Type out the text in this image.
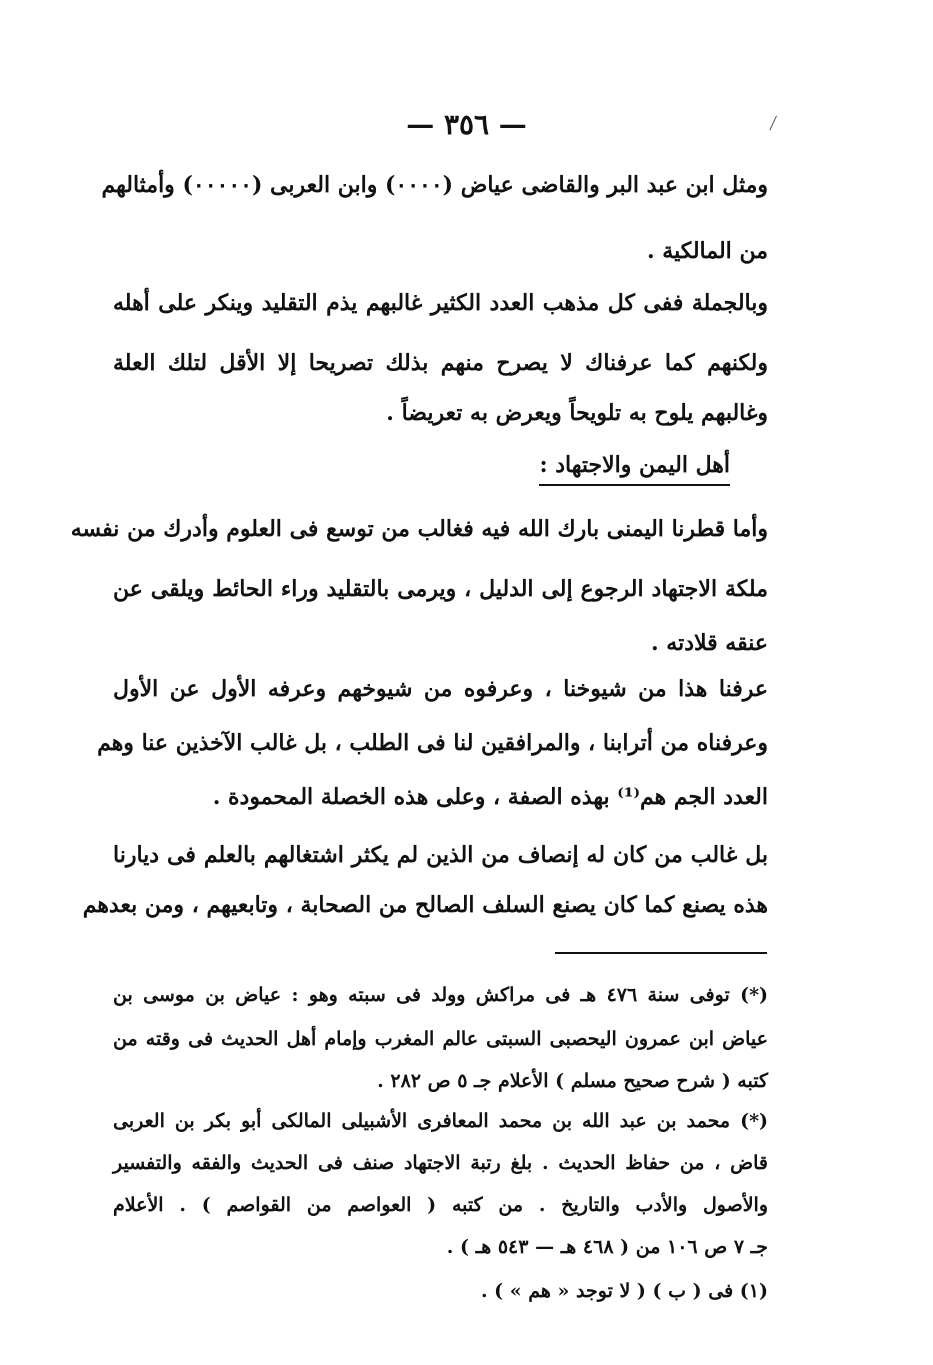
— ٣٥٦ —
ومثل ابن عبد البر والقاضى عياض (٠٠٠٠) وابن العربى (٠٠٠٠٠) وأمثالهم
من المالكية .
وبالجملة ففى كل مذهب العدد الكثير غالبهم يذم التقليد وينكر على أهله
ولكنهم كما عرفناك لا يصرح منهم بذلك تصريحا إلا الأقل لتلك العلة
وغالبهم يلوح به تلويحاً ويعرض به تعريضاً .
أهل اليمن والاجتهاد :
وأما قطرنا اليمنى بارك الله فيه فغالب من توسع فى العلوم وأدرك من نفسه
ملكة الاجتهاد الرجوع إلى الدليل ، ويرمى بالتقليد وراء الحائط ويلقى عن
عنقه قلادته .
عرفنا هذا من شيوخنا ، وعرفوه من شيوخهم وعرفه الأول عن الأول
وعرفناه من أترابنا ، والمرافقين لنا فى الطلب ، بل غالب الآخذين عنا وهم
العدد الجم هم⁽¹⁾ بهذه الصفة ، وعلى هذه الخصلة المحمودة .
بل غالب من كان له إنصاف من الذين لم يكثر اشتغالهم بالعلم فى ديارنا
هذه يصنع كما كان يصنع السلف الصالح من الصحابة ، وتابعيهم ، ومن بعدهم
(*) توفى سنة ٤٧٦ هـ فى مراكش وولد فى سبته وهو : عياض بن موسى بن
عياض ابن عمرون اليحصبى السبتى عالم المغرب وإمام أهل الحديث فى وقته من
كتبه ( شرح صحيح مسلم ) الأعلام جـ ٥ ص ٢٨٢ .
(*) محمد بن عبد الله بن محمد المعافرى الأشبيلى المالكى أبو بكر بن العربى
قاض ، من حفاظ الحديث . بلغ رتبة الاجتهاد صنف فى الحديث والفقه والتفسير
والأصول والأدب والتاريخ . من كتبه ( العواصم من القواصم ) . الأعلام
جـ ٧ ص ١٠٦ من ( ٤٦٨ هـ — ٥٤٣ هـ ) .
(١) فى ( ب ) ( لا توجد « هم » ) .
